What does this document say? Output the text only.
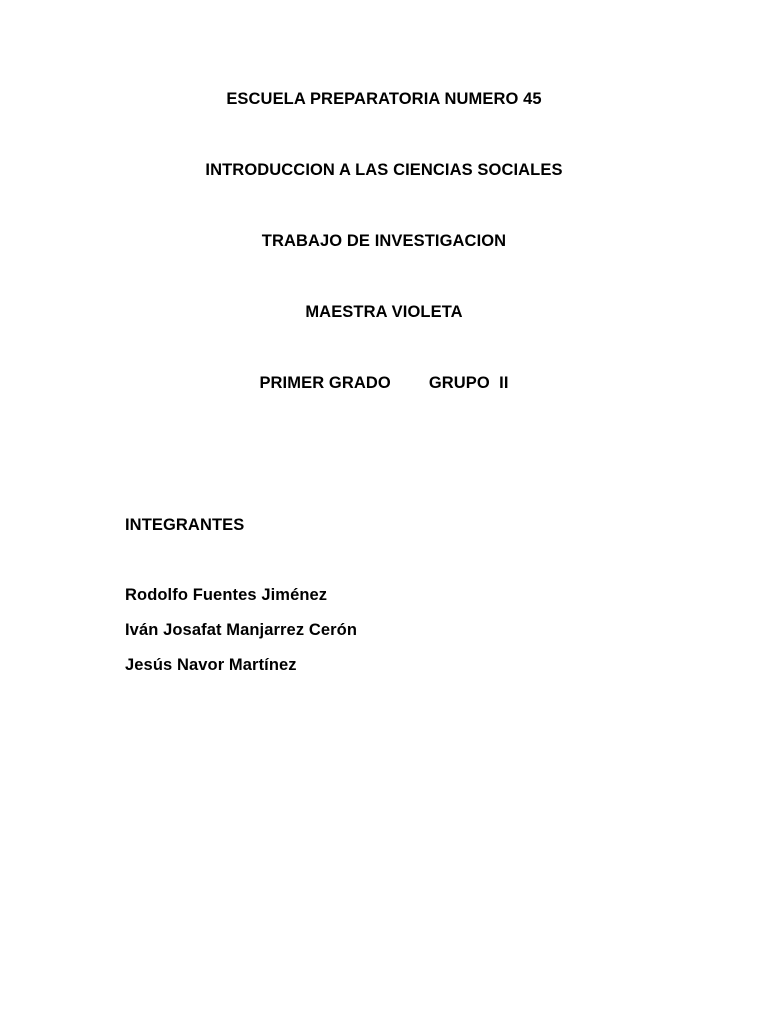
ESCUELA PREPARATORIA NUMERO 45
INTRODUCCION A LAS CIENCIAS SOCIALES
TRABAJO DE INVESTIGACION
MAESTRA VIOLETA
PRIMER GRADO GRUPO  II
INTEGRANTES
Rodolfo Fuentes Jiménez
Iván Josafat Manjarrez Cerón
Jesús Navor Martínez
